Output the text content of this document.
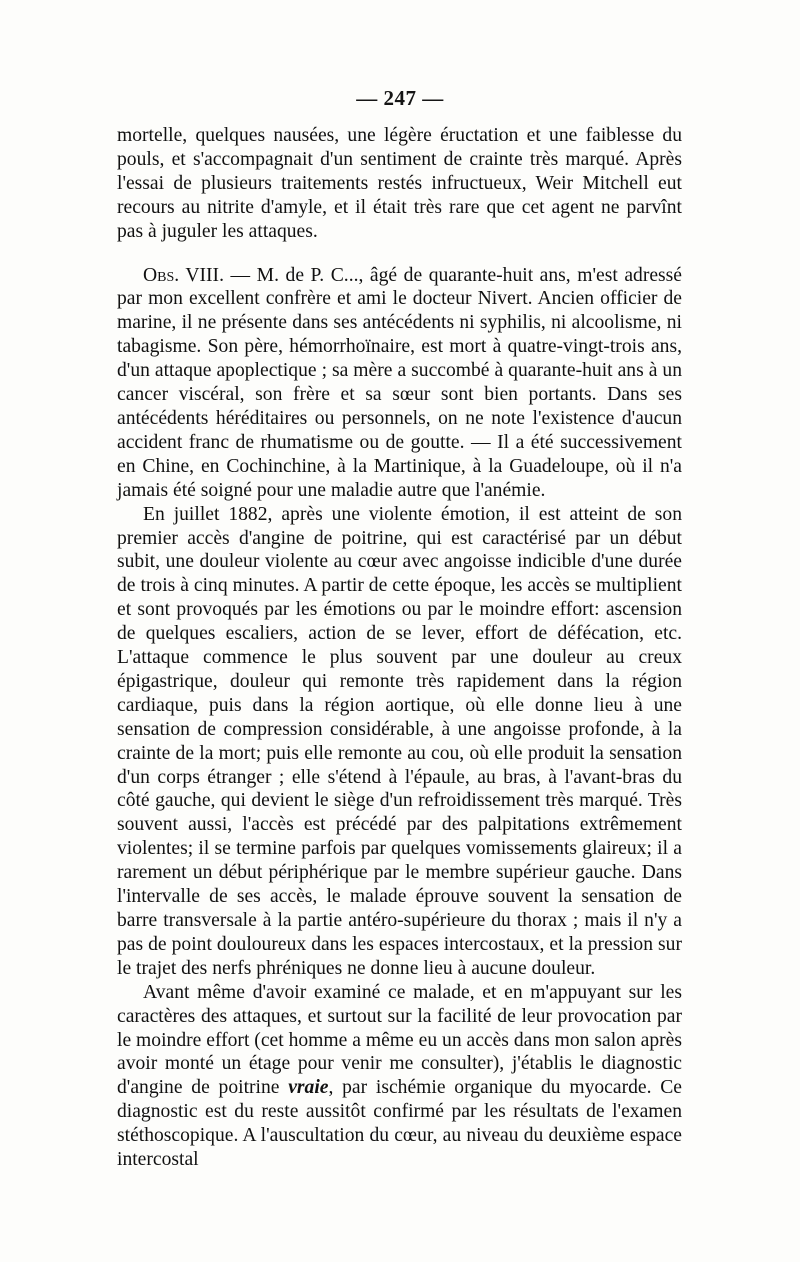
— 247 —

mortelle, quelques nausées, une légère éructation et une faiblesse du pouls, et s'accompagnait d'un sentiment de crainte très marqué. Après l'essai de plusieurs traitements restés infructueux, Weir Mitchell eut recours au nitrite d'amyle, et il était très rare que cet agent ne parvînt pas à juguler les attaques.

Obs. VIII. — M. de P. C..., âgé de quarante-huit ans, m'est adressé par mon excellent confrère et ami le docteur Nivert. Ancien officier de marine, il ne présente dans ses antécédents ni syphilis, ni alcoolisme, ni tabagisme. Son père, hémorrhoïnaire, est mort à quatre-vingt-trois ans, d'un attaque apoplectique ; sa mère a succombé à quarante-huit ans à un cancer viscéral, son frère et sa sœur sont bien portants. Dans ses antécédents héréditaires ou personnels, on ne note l'existence d'aucun accident franc de rhumatisme ou de goutte. — Il a été successivement en Chine, en Cochinchine, à la Martinique, à la Guadeloupe, où il n'a jamais été soigné pour une maladie autre que l'anémie.

En juillet 1882, après une violente émotion, il est atteint de son premier accès d'angine de poitrine, qui est caractérisé par un début subit, une douleur violente au cœur avec angoisse indicible d'une durée de trois à cinq minutes. A partir de cette époque, les accès se multiplient et sont provoqués par les émotions ou par le moindre effort: ascension de quelques escaliers, action de se lever, effort de défécation, etc. L'attaque commence le plus souvent par une douleur au creux épigastrique, douleur qui remonte très rapidement dans la région cardiaque, puis dans la région aortique, où elle donne lieu à une sensation de compression considérable, à une angoisse profonde, à la crainte de la mort; puis elle remonte au cou, où elle produit la sensation d'un corps étranger ; elle s'étend à l'épaule, au bras, à l'avant-bras du côté gauche, qui devient le siège d'un refroidissement très marqué. Très souvent aussi, l'accès est précédé par des palpitations extrêmement violentes; il se termine parfois par quelques vomissements glaireux; il a rarement un début périphérique par le membre supérieur gauche. Dans l'intervalle de ses accès, le malade éprouve souvent la sensation de barre transversale à la partie antéro-supérieure du thorax ; mais il n'y a pas de point douloureux dans les espaces intercostaux, et la pression sur le trajet des nerfs phréniques ne donne lieu à aucune douleur.

Avant même d'avoir examiné ce malade, et en m'appuyant sur les caractères des attaques, et surtout sur la facilité de leur provocation par le moindre effort (cet homme a même eu un accès dans mon salon après avoir monté un étage pour venir me consulter), j'établis le diagnostic d'angine de poitrine vraie, par ischémie organique du myocarde. Ce diagnostic est du reste aussitôt confirmé par les résultats de l'examen stéthoscopique. A l'auscultation du cœur, au niveau du deuxième espace intercostal
